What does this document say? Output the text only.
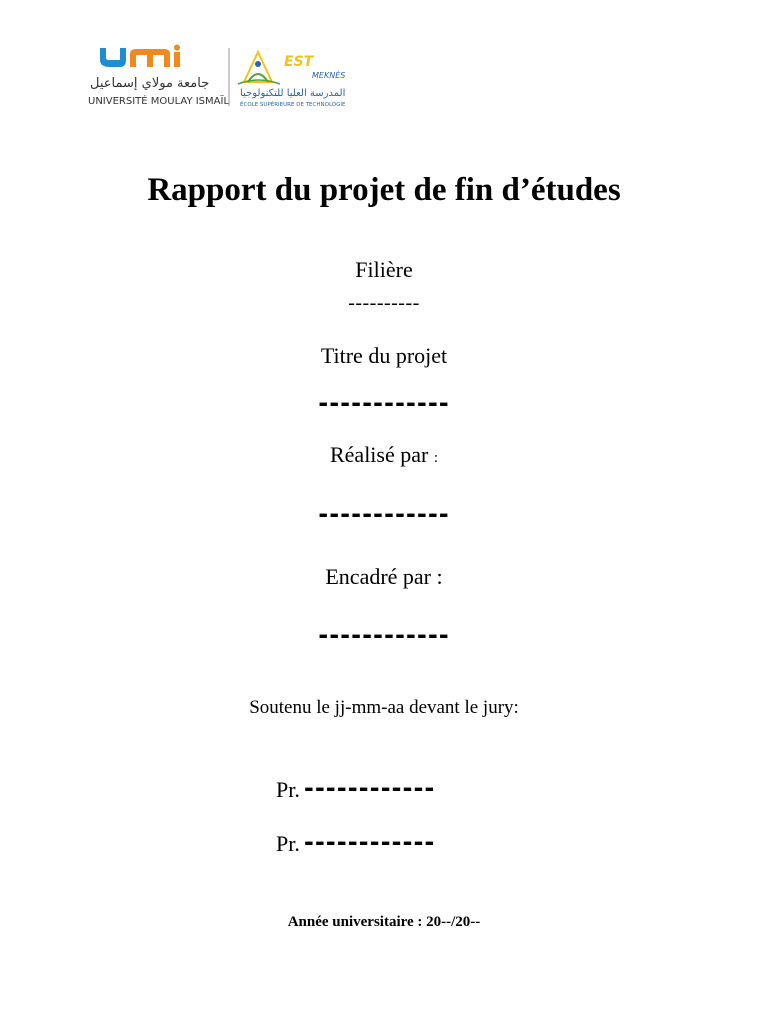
جامعة مولاي إسماعيل
UNIVERSITÉ MOULAY ISMAÏL
EST
MEKNÈS
المدرسة العليا للتكنولوجيا
ÉCOLE SUPÉRIEURE DE TECHNOLOGIE
Rapport du projet de fin d’études
Filière
----------
Titre du projet
------------
Réalisé par :
------------
Encadré par :
------------
Soutenu le jj-mm-aa devant le jury:
Pr. ------------
Pr. ------------
Année universitaire : 20--/20--
